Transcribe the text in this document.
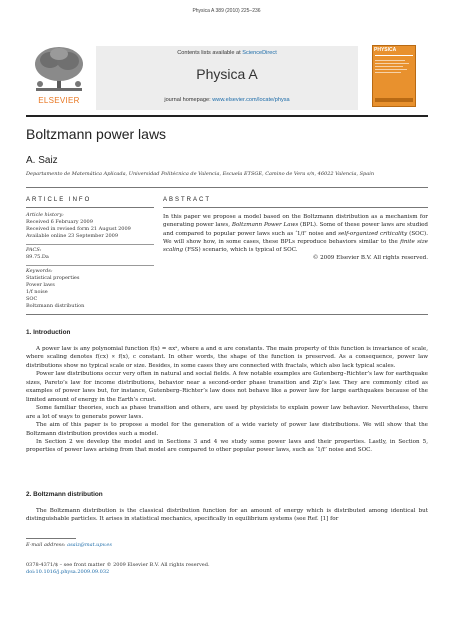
Physica A 389 (2010) 225–236
ELSEVIER
Contents lists available at ScienceDirect
Physica A
journal homepage: www.elsevier.com/locate/physa
PHYSICA
Boltzmann power laws
A. Saiz
Departamento de Matemática Aplicada, Universidad Politécnica de Valencia, Escuela ETSGE, Camino de Vera s/n, 46022 Valencia, Spain
ARTICLE INFO
Article history:
Received 6 February 2009
Received in revised form 21 August 2009
Available online 23 September 2009
PACS:
89.75.Da
Keywords:
Statistical properties
Power laws
1/f noise
SOC
Boltzmann distribution
ABSTRACT
In this paper we propose a model based on the Boltzmann distribution as a mechanism for generating power laws, Boltzmann Power Laws (BPL). Some of these power laws are studied and compared to popular power laws such as ‘1/f’ noise and self-organized criticality (SOC). We will show how, in some cases, these BPLs reproduce behaviors similar to the finite size scaling (FSS) scenario, which is typical of SOC.
© 2009 Elsevier B.V. All rights reserved.
1. Introduction

A power law is any polynomial function f(x) = αxᵃ, where a and α are constants. The main property of this function is invariance of scale, where scaling denotes f(cx) ∝ f(x), c constant. In other words, the shape of the function is preserved. As a consequence, power law distributions show no typical scale or size. Besides, in some cases they are connected with fractals, which also lack typical scales.

Power law distributions occur very often in natural and social fields. A few notable examples are Gutenberg–Richter’s law for earthquake sizes, Pareto’s law for income distributions, behavior near a second-order phase transition and Zip’s law. They are commonly cited as examples of power laws but, for instance, Gutenberg–Richter’s law does not behave like a power law for large earthquakes because of the limited amount of energy in the Earth’s crust.

Some familiar theories, such as phase transition and others, are used by physicists to explain power law behavior. Nevertheless, there are a lot of ways to generate power laws.

The aim of this paper is to propose a model for the generation of a wide variety of power law distributions. We will show that the Boltzmann distribution provides such a model.

In Section 2 we develop the model and in Sections 3 and 4 we study some power laws and their properties. Lastly, in Section 5, properties of power laws arising from that model are compared to other popular power laws, such as ‘1/f’ noise and SOC.

2. Boltzmann distribution

The Boltzmann distribution is the classical distribution function for an amount of energy which is distributed among identical but distinguishable particles. It arises in statistical mechanics, specifically in equilibrium systems (see Ref. [1] for

E-mail address: asaiz@mat.upv.es
0378-4371/$ – see front matter © 2009 Elsevier B.V. All rights reserved.
doi:10.1016/j.physa.2009.09.032
